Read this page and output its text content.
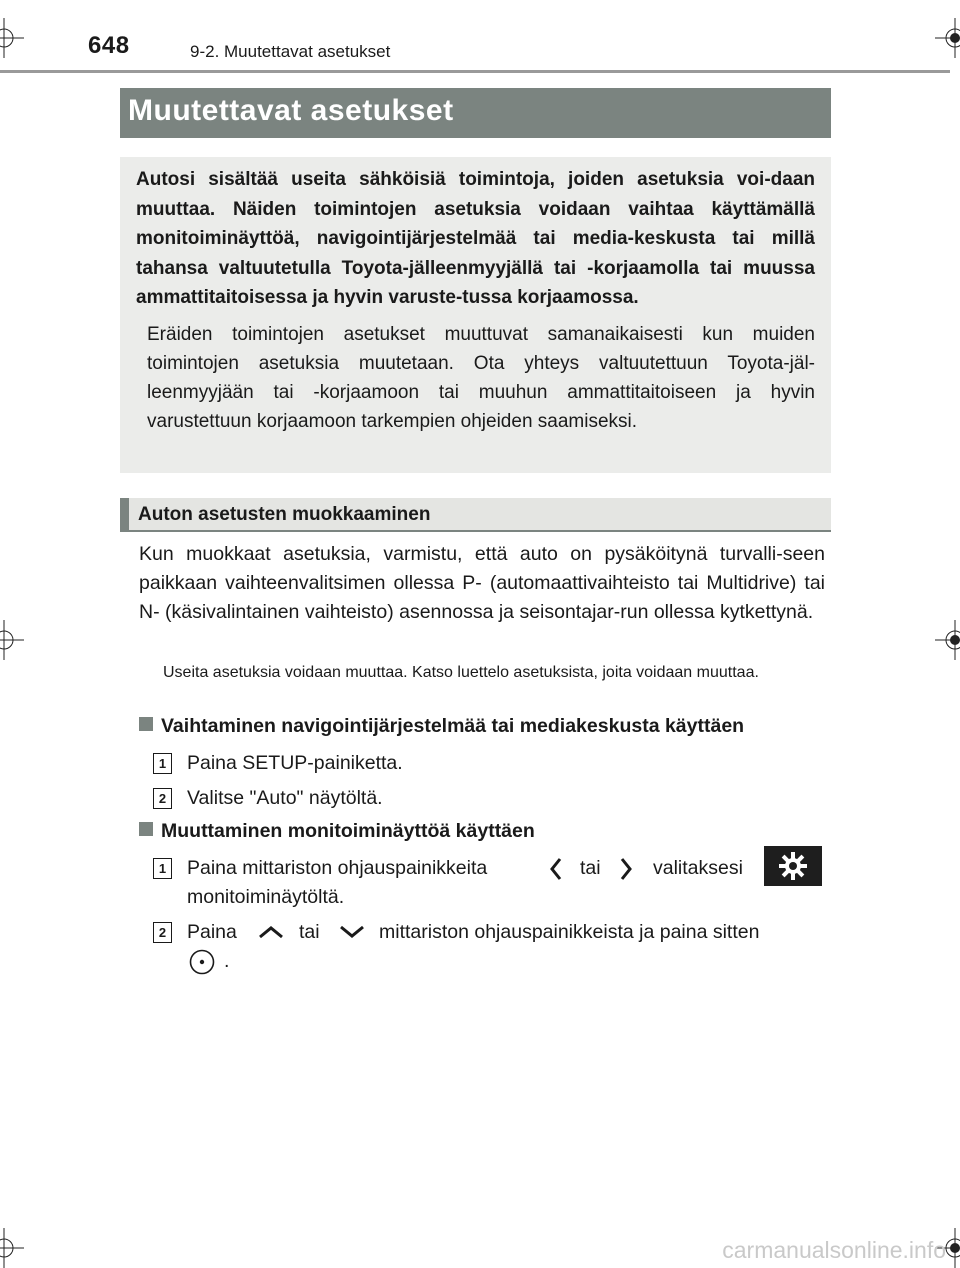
648	9-2. Muutettavat asetukset
Muutettavat asetukset

Autosi sisältää useita sähköisiä toimintoja, joiden asetuksia voi-daan muuttaa. Näiden toimintojen asetuksia voidaan vaihtaa käyttämällä monitoiminäyttöä, navigointijärjestelmää tai media-keskusta tai millä tahansa valtuutetulla Toyota-jälleenmyyjällä tai -korjaamolla tai muussa ammattitaitoisessa ja hyvin varuste-tussa korjaamossa.

Eräiden toimintojen asetukset muuttuvat samanaikaisesti kun muiden toimintojen asetuksia muutetaan. Ota yhteys valtuutettuun Toyota-jäl-leenmyyjään tai -korjaamoon tai muuhun ammattitaitoiseen ja hyvin varustettuun korjaamoon tarkempien ohjeiden saamiseksi.

Auton asetusten muokkaaminen

Kun muokkaat asetuksia, varmistu, että auto on pysäköitynä turvalli-seen paikkaan vaihteenvalitsimen ollessa P- (automaattivaihteisto tai Multidrive) tai N- (käsivalintainen vaihteisto) asennossa ja seisontajar-run ollessa kytkettynä.

Useita asetuksia voidaan muuttaa. Katso luettelo asetuksista, joita voidaan muuttaa.

Vaihtaminen navigointijärjestelmää tai mediakeskusta käyttäen
1	Paina SETUP-painiketta.
2	Valitse "Auto" näytöltä.
Muuttaminen monitoiminäyttöä käyttäen
1	Paina mittariston ohjauspainikkeita	tai	valitaksesi
monitoiminäytöltä.
2	Paina	tai	mittariston ohjauspainikkeista ja paina sitten
.
carmanualsonline.info
